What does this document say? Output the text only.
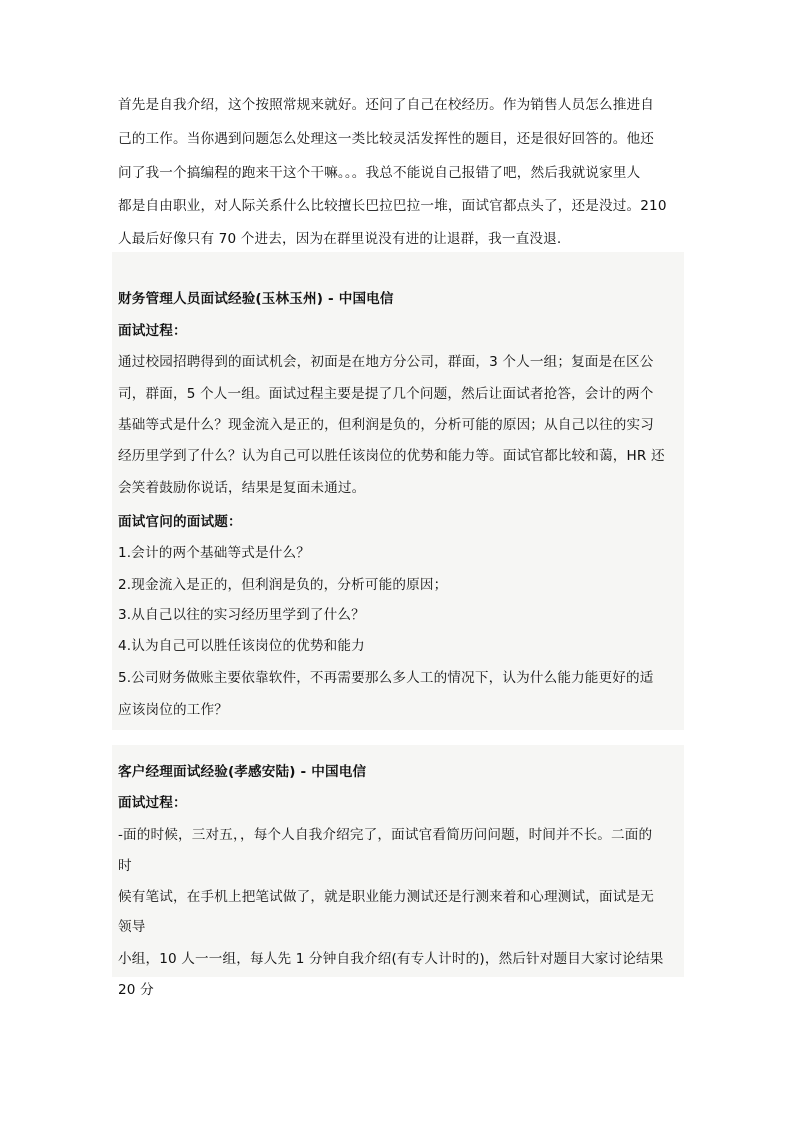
首先是自我介绍，这个按照常规来就好。还问了自己在校经历。作为销售人员怎么推进自
己的工作。当你遇到问题怎么处理这一类比较灵活发挥性的题目，还是很好回答的。他还
问了我一个搞编程的跑来干这个干嘛。。。我总不能说自己报错了吧，然后我就说家里人
都是自由职业，对人际关系什么比较擅长巴拉巴拉一堆，面试官都点头了，还是没过。210
人最后好像只有 70 个进去，因为在群里说没有进的让退群，我一直没退.
财务管理人员面试经验(玉林玉州) - 中国电信
面试过程：
通过校园招聘得到的面试机会，初面是在地方分公司，群面，3 个人一组；复面是在区公
司，群面，5 个人一组。面试过程主要是提了几个问题，然后让面试者抢答，会计的两个
基础等式是什么？现金流入是正的，但利润是负的，分析可能的原因；从自己以往的实习
经历里学到了什么？认为自己可以胜任该岗位的优势和能力等。面试官都比较和蔼，HR 还
会笑着鼓励你说话，结果是复面未通过。
面试官问的面试题：
1.会计的两个基础等式是什么？
2.现金流入是正的，但利润是负的，分析可能的原因；
3.从自己以往的实习经历里学到了什么？
4.认为自己可以胜任该岗位的优势和能力
5.公司财务做账主要依靠软件，不再需要那么多人工的情况下，认为什么能力能更好的适
应该岗位的工作？
客户经理面试经验(孝感安陆) - 中国电信
面试过程：
-面的时候，三对五，，每个人自我介绍完了，面试官看简历问问题，时间并不长。二面的
时
候有笔试，在手机上把笔试做了，就是职业能力测试还是行测来着和心理测试，面试是无
领导
小组，10 人一一组，每人先 1 分钟自我介绍(有专人计时的)，然后针对题目大家讨论结果
20 分
